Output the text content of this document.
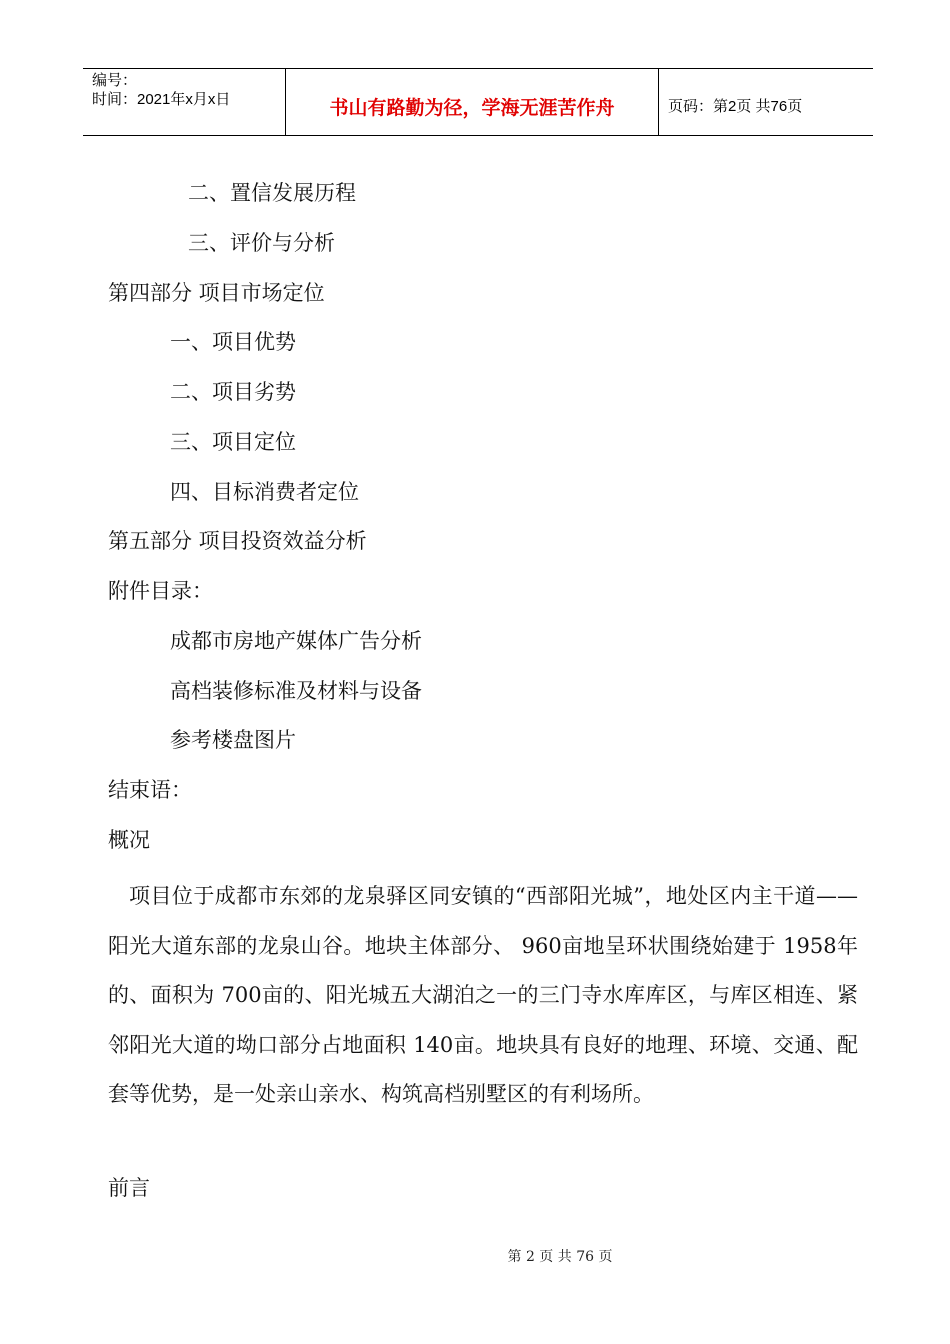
编号：
时间：2021年x月x日	书山有路勤为径，学海无涯苦作舟	页码：第2页 共76页
二、置信发展历程
三、评价与分析
第四部分 项目市场定位
一、项目优势
二、项目劣势
三、项目定位
四、目标消费者定位
第五部分 项目投资效益分析
附件目录：
成都市房地产媒体广告分析
高档装修标准及材料与设备
参考楼盘图片
结束语：
概况
项目位于成都市东郊的龙泉驿区同安镇的“西部阳光城”，地处区内主干道——阳光大道东部的龙泉山谷。地块主体部分、 960亩地呈环状围绕始建于 1958年的、面积为 700亩的、阳光城五大湖泊之一的三门寺水库库区，与库区相连、紧邻阳光大道的坳口部分占地面积 140亩。地块具有良好的地理、环境、交通、配套等优势，是一处亲山亲水、构筑高档别墅区的有利场所。
前言
第 2 页 共 76 页
